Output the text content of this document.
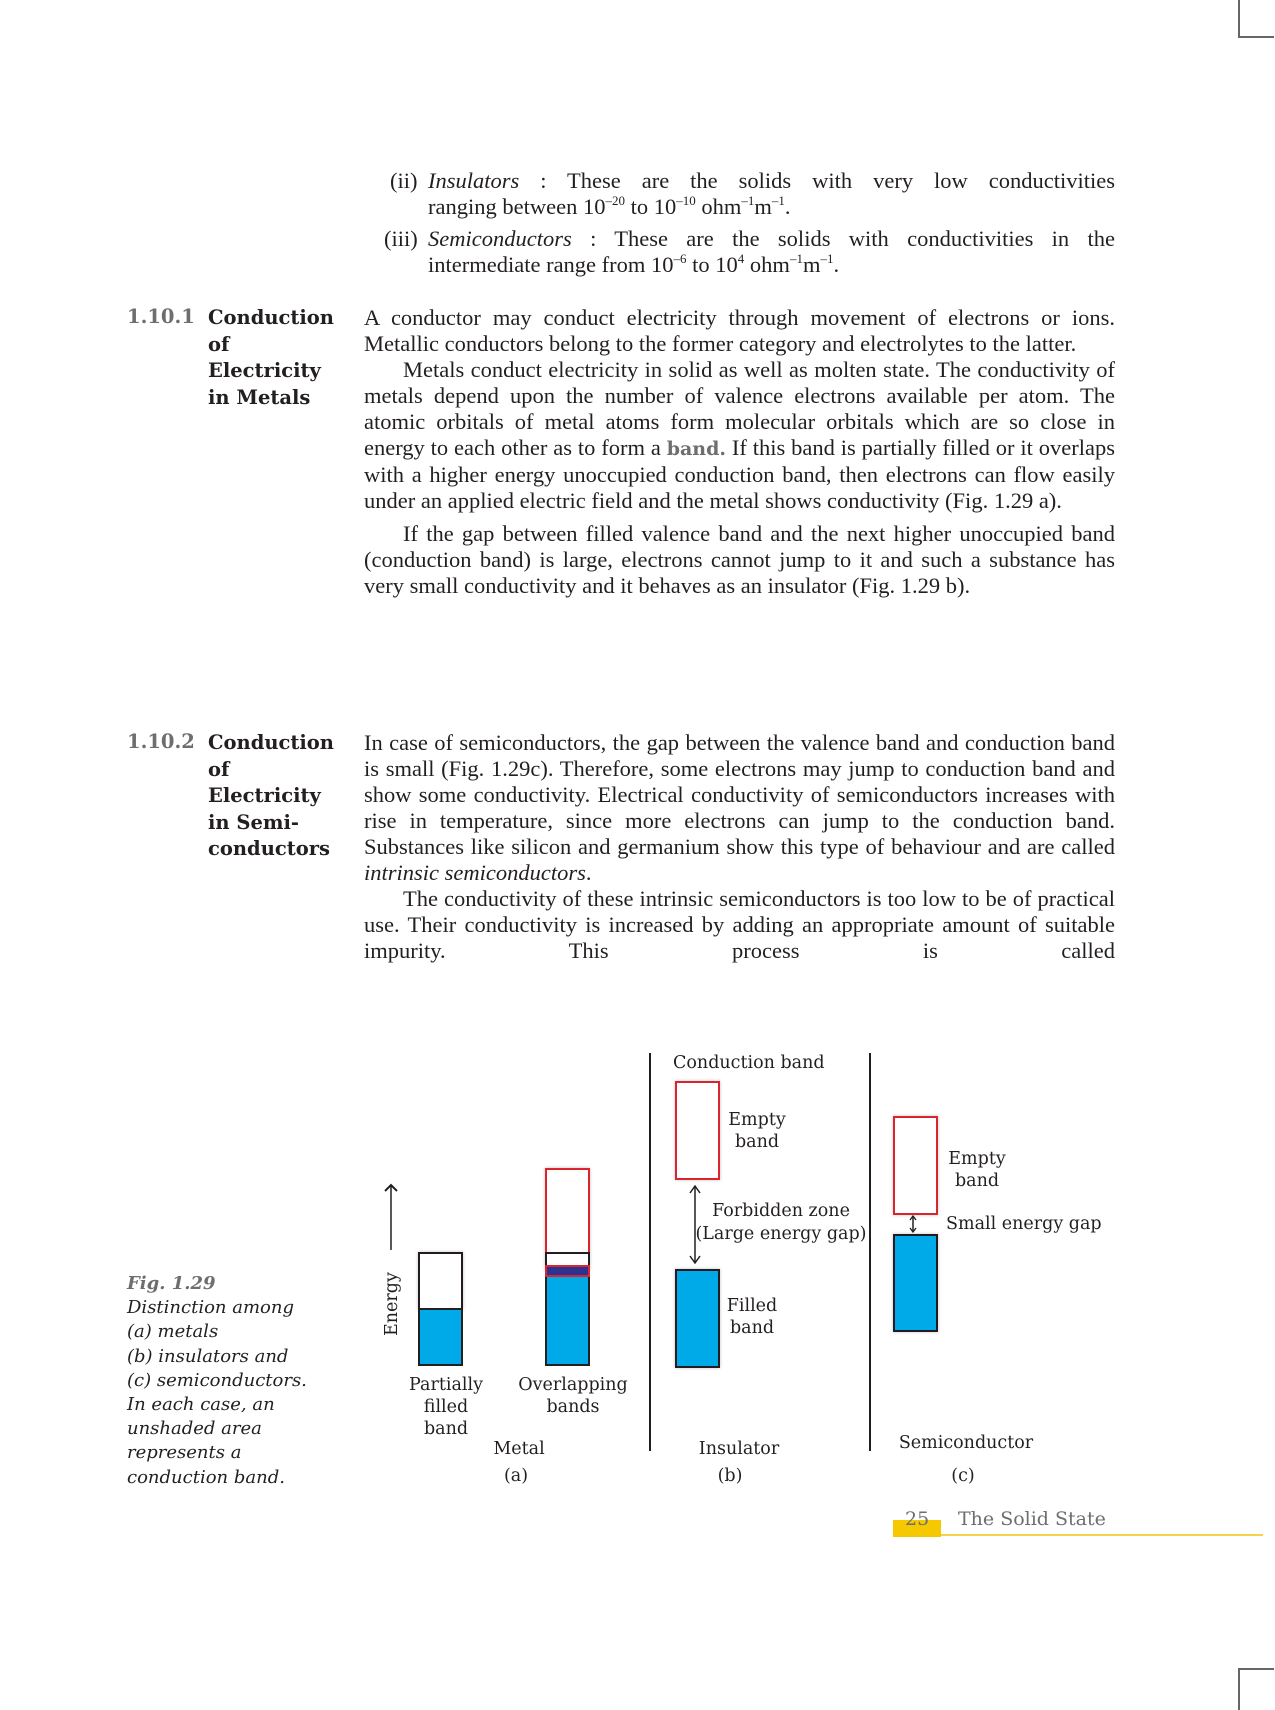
(ii) Insulators : These are the solids with very low conductivities
ranging between $10^{-20}$ to $10^{-10}$ $ohm^{-1}m^{-1}$.
(iii) Semiconductors : These are the solids with conductivities in the
intermediate range from $10^{-6}$ to $10^4$ $ohm^{-1}m^{-1}$.
1.10.1 Conduction
of
Electricity
in Metals

A conductor may conduct electricity through movement of electrons or ions. Metallic conductors belong to the former category and electrolytes to the latter.

Metals conduct electricity in solid as well as molten state. The conductivity of metals depend upon the number of valence electrons available per atom. The atomic orbitals of metal atoms form molecular orbitals which are so close in energy to each other as to form a band. If this band is partially filled or it overlaps with a higher energy unoccupied conduction band, then electrons can flow easily under an applied electric field and the metal shows conductivity (Fig. 1.29 a).

If the gap between filled valence band and the next higher unoccupied band (conduction band) is large, electrons cannot jump to it and such a substance has very small conductivity and it behaves as an insulator (Fig. 1.29 b).

1.10.2 Conduction
of
Electricity
in Semi-
conductors

In case of semiconductors, the gap between the valence band and conduction band is small (Fig. 1.29c). Therefore, some electrons may jump to conduction band and show some conductivity. Electrical conductivity of semiconductors increases with rise in temperature, since more electrons can jump to the conduction band. Substances like silicon and germanium show this type of behaviour and are called intrinsic semiconductors.

The conductivity of these intrinsic semiconductors is too low to be of practical use. Their conductivity is increased by adding an appropriate amount of suitable impurity. This process is called

Fig. 1.29
Distinction among
(a) metals
(b) insulators and
(c) semiconductors.
In each case, an
unshaded area
represents a
conduction band.
Energy
Partially
filled
band
Overlapping
bands
Metal
(a)
Conduction band
Empty
band
Forbidden zone
(Large energy gap)
Filled
band
Insulator
(b)
Empty
band
Small energy gap
Semiconductor
(c)
25 The Solid State
